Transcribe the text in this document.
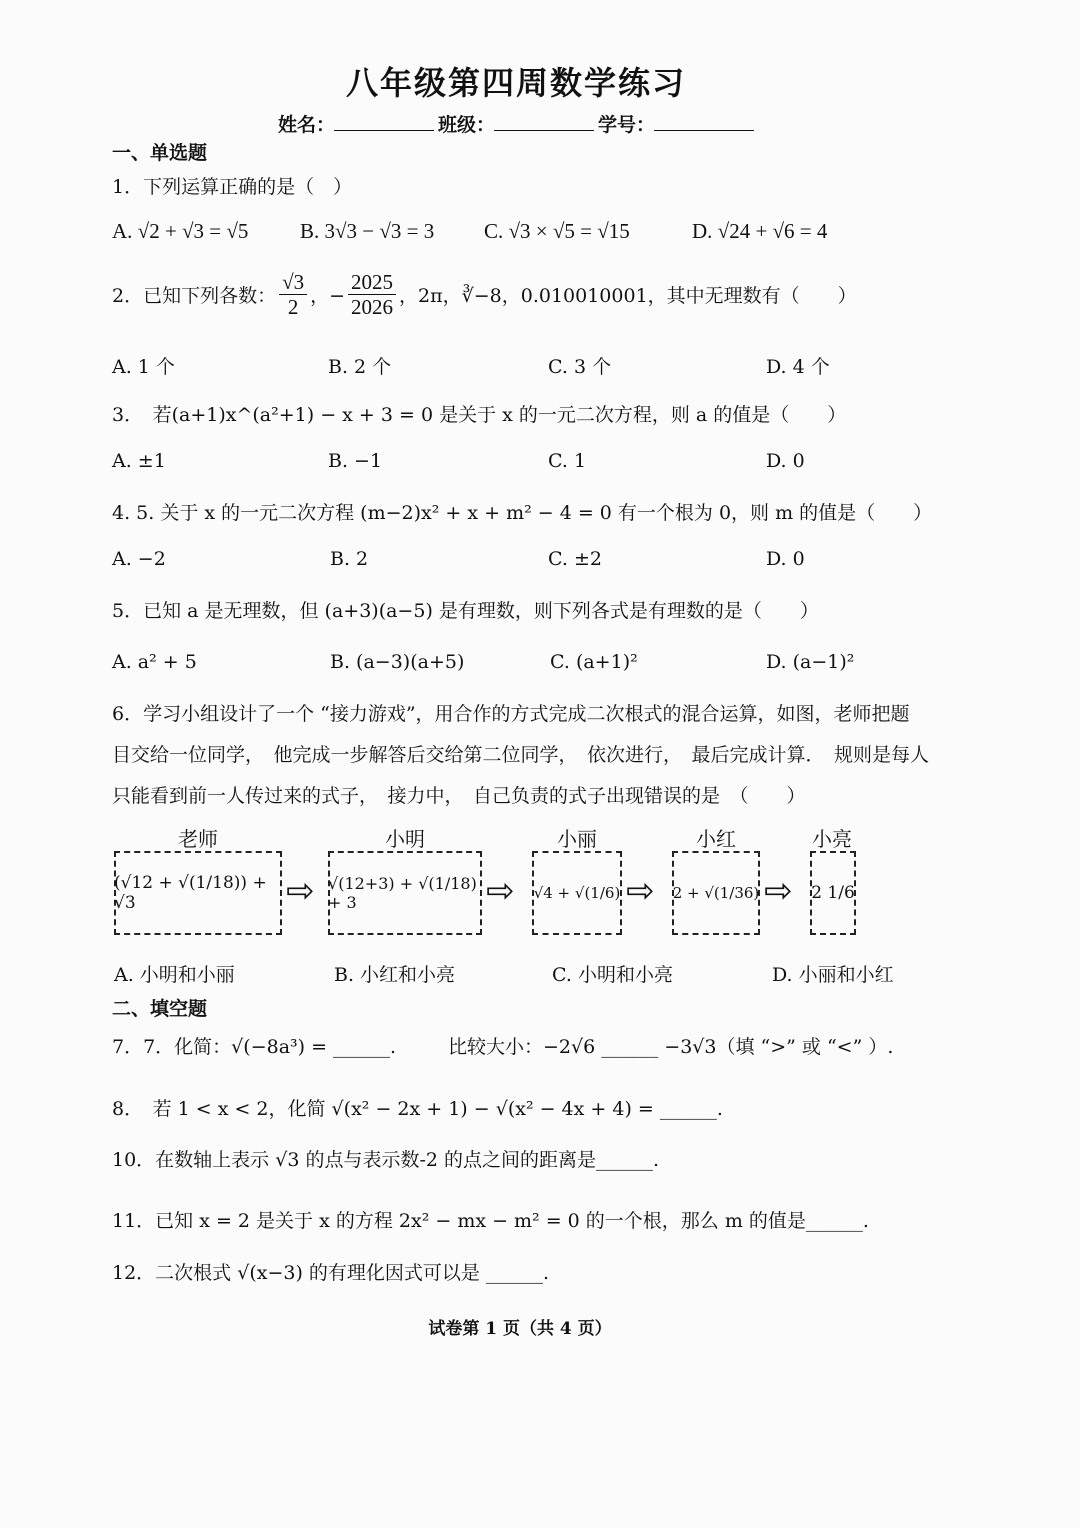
八年级第四周数学练习
姓名：	班级：	学号：
一、单选题
1．下列运算正确的是（　）
A. √2 + √3 = √5 B. 3√3 − √3 = 3 C. √3 × √5 = √15	D. √24 + √6 = 4
2．已知下列各数： $\frac{√3}{2}$ ，− $\frac{2025}{2026}$ ，2π，∛−8，0.010010001，其中无理数有（　　）
A. 1 个	B. 2 个	C. 3 个	D. 4 个
3．　若(a+1)x^(a²+1) − x + 3 = 0 是关于 x 的一元二次方程，则 a 的值是（　　）
A. ±1	B. −1	C. 1	D. 0
4. 5. 关于 x 的一元二次方程 (m−2)x² + x + m² − 4 = 0 有一个根为 0，则 m 的值是（　　）
A. −2	B. 2	C. ±2	D. 0
5．已知 a 是无理数，但 (a+3)(a−5) 是有理数，则下列各式是有理数的是（　　）
A. a² + 5	B. (a−3)(a+5)	C. (a+1)²	D. (a−1)²
6．学习小组设计了一个 “接力游戏”，用合作的方式完成二次根式的混合运算，如图，老师把题
目交给一位同学，　他完成一步解答后交给第二位同学，　依次进行，　最后完成计算．　规则是每人
只能看到前一人传过来的式子，　接力中，　自己负责的式子出现错误的是　（　　）
老师
(√12 + √(1/18)) + √3	⇨
小明
√(12+3) + √(1/18) + 3	⇨
小丽
√4 + √(1/6) ⇨
小红
2 + √(1/36) ⇨
小亮
2 1/6
A. 小明和小丽	B. 小红和小亮	C. 小明和小亮	D. 小丽和小红
二、填空题
7．7．化简：√(−8a³) = ______.	比较大小：−2√6 ______ −3√3（填 “>” 或 “<” ）.
8．　若 1 < x < 2，化简 √(x² − 2x + 1) − √(x² − 4x + 4) = ______.
10．在数轴上表示 √3 的点与表示数-2 的点之间的距离是______.
11．已知 x = 2 是关于 x 的方程 2x² − mx − m² = 0 的一个根，那么 m 的值是______.
12．二次根式 √(x−3) 的有理化因式可以是 ______.
试卷第 1 页（共 4 页）
